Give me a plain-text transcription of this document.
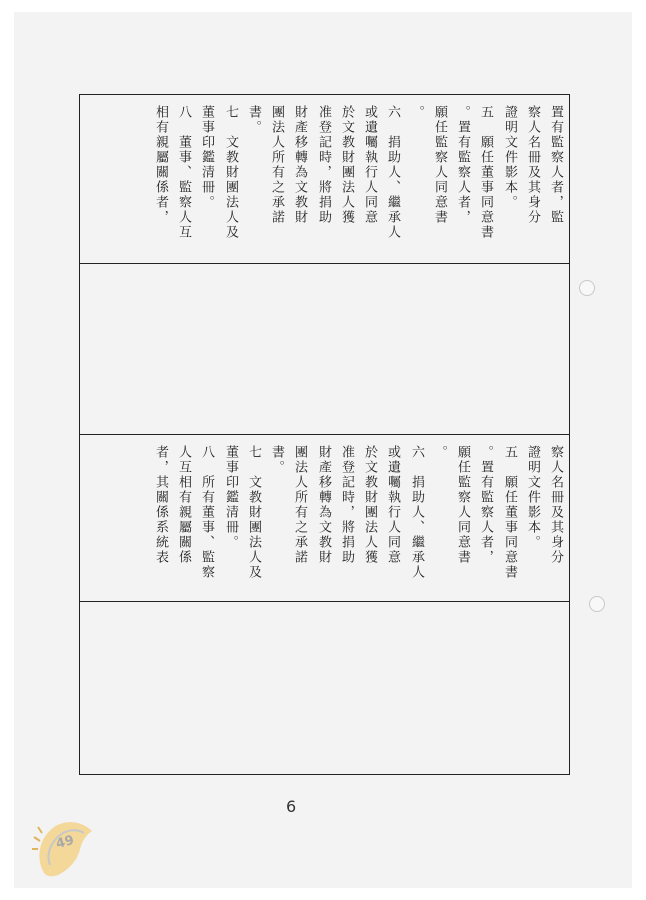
置有監察人者，監
察人名冊及其身分
證明文件影本。
五　願任董事同意書
。置有監察人者，
願任監察人同意書
。
六　捐助人、繼承人
或遺囑執行人同意
於文教財團法人獲
准登記時，將捐助
財產移轉為文教財
團法人所有之承諾
書。
七　文教財團法人及
董事印鑑清冊。
八　董事、監察人互
相有親屬關係者，
察人名冊及其身分
證明文件影本。
五　願任董事同意書
。置有監察人者，
願任監察人同意書
。
六　捐助人、繼承人
或遺囑執行人同意
於文教財團法人獲
准登記時，將捐助
財產移轉為文教財
團法人所有之承諾
書。
七　文教財團法人及
董事印鑑清冊。
八　所有董事、監察
人互相有親屬關係
者，其關係系統表
6
49
